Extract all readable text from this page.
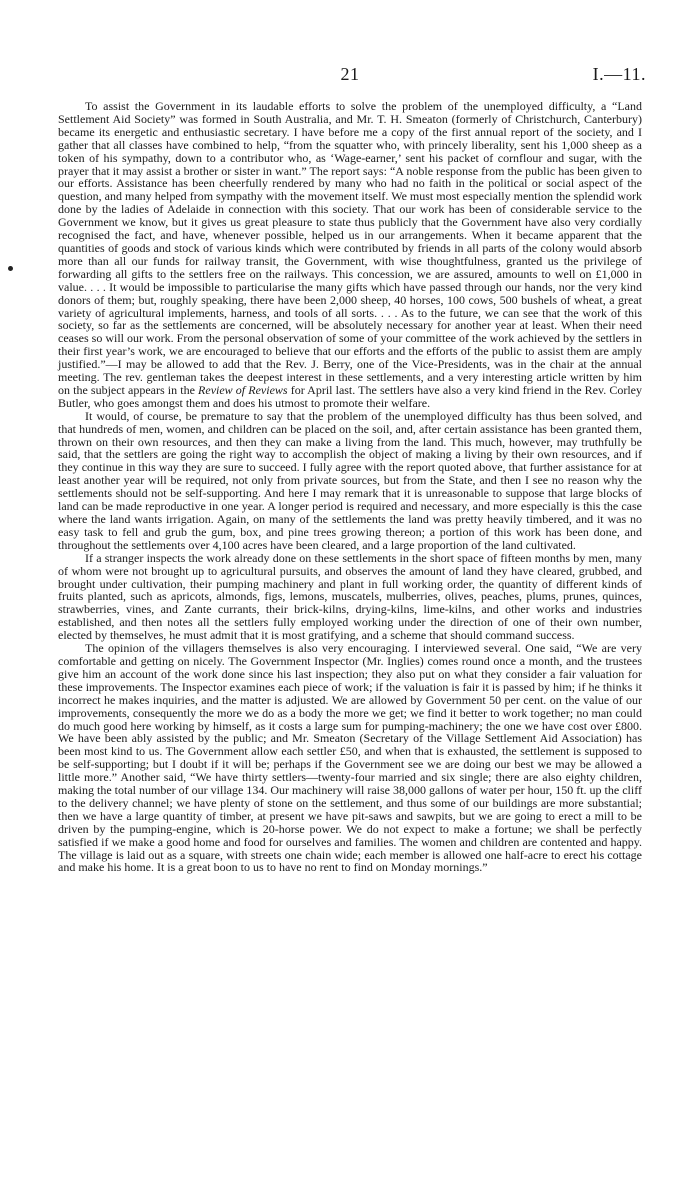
21	I.—11.

To assist the Government in its laudable efforts to solve the problem of the unemployed difficulty, a “Land Settlement Aid Society” was formed in South Australia, and Mr. T. H. Smeaton (formerly of Christchurch, Canterbury) became its energetic and enthusiastic secretary. I have before me a copy of the first annual report of the society, and I gather that all classes have combined to help, “from the squatter who, with princely liberality, sent his 1,000 sheep as a token of his sympathy, down to a contributor who, as ‘Wage-earner,’ sent his packet of cornflour and sugar, with the prayer that it may assist a brother or sister in want.” The report says: “A noble response from the public has been given to our efforts. Assistance has been cheerfully rendered by many who had no faith in the political or social aspect of the question, and many helped from sympathy with the movement itself. We must most especially mention the splendid work done by the ladies of Adelaide in connection with this society. That our work has been of considerable service to the Government we know, but it gives us great pleasure to state thus publicly that the Government have also very cordially recognised the fact, and have, whenever possible, helped us in our arrangements. When it became apparent that the quantities of goods and stock of various kinds which were contributed by friends in all parts of the colony would absorb more than all our funds for railway transit, the Government, with wise thoughtfulness, granted us the privilege of forwarding all gifts to the settlers free on the railways. This concession, we are assured, amounts to well on £1,000 in value. . . . It would be impossible to particularise the many gifts which have passed through our hands, nor the very kind donors of them; but, roughly speaking, there have been 2,000 sheep, 40 horses, 100 cows, 500 bushels of wheat, a great variety of agricultural implements, harness, and tools of all sorts. . . . As to the future, we can see that the work of this society, so far as the settlements are concerned, will be absolutely necessary for another year at least. When their need ceases so will our work. From the personal observation of some of your committee of the work achieved by the settlers in their first year’s work, we are encouraged to believe that our efforts and the efforts of the public to assist them are amply justified.”—I may be allowed to add that the Rev. J. Berry, one of the Vice-Presidents, was in the chair at the annual meeting. The rev. gentleman takes the deepest interest in these settlements, and a very interesting article written by him on the subject appears in the Review of Reviews for April last. The settlers have also a very kind friend in the Rev. Corley Butler, who goes amongst them and does his utmost to promote their welfare.

It would, of course, be premature to say that the problem of the unemployed difficulty has thus been solved, and that hundreds of men, women, and children can be placed on the soil, and, after certain assistance has been granted them, thrown on their own resources, and then they can make a living from the land. This much, however, may truthfully be said, that the settlers are going the right way to accomplish the object of making a living by their own resources, and if they continue in this way they are sure to succeed. I fully agree with the report quoted above, that further assistance for at least another year will be required, not only from private sources, but from the State, and then I see no reason why the settlements should not be self-supporting. And here I may remark that it is unreasonable to suppose that large blocks of land can be made reproductive in one year. A longer period is required and necessary, and more especially is this the case where the land wants irrigation. Again, on many of the settlements the land was pretty heavily timbered, and it was no easy task to fell and grub the gum, box, and pine trees growing thereon; a portion of this work has been done, and throughout the settlements over 4,100 acres have been cleared, and a large proportion of the land cultivated.

If a stranger inspects the work already done on these settlements in the short space of fifteen months by men, many of whom were not brought up to agricultural pursuits, and observes the amount of land they have cleared, grubbed, and brought under cultivation, their pumping machinery and plant in full working order, the quantity of different kinds of fruits planted, such as apricots, almonds, figs, lemons, muscatels, mulberries, olives, peaches, plums, prunes, quinces, strawberries, vines, and Zante currants, their brick-kilns, drying-kilns, lime-kilns, and other works and industries established, and then notes all the settlers fully employed working under the direction of one of their own number, elected by themselves, he must admit that it is most gratifying, and a scheme that should command success.

The opinion of the villagers themselves is also very encouraging. I interviewed several. One said, “We are very comfortable and getting on nicely. The Government Inspector (Mr. Inglies) comes round once a month, and the trustees give him an account of the work done since his last inspection; they also put on what they consider a fair valuation for these improvements. The Inspector examines each piece of work; if the valuation is fair it is passed by him; if he thinks it incorrect he makes inquiries, and the matter is adjusted. We are allowed by Government 50 per cent. on the value of our improvements, consequently the more we do as a body the more we get; we find it better to work together; no man could do much good here working by himself, as it costs a large sum for pumping-machinery; the one we have cost over £800. We have been ably assisted by the public; and Mr. Smeaton (Secretary of the Village Settlement Aid Association) has been most kind to us. The Government allow each settler £50, and when that is exhausted, the settlement is supposed to be self-supporting; but I doubt if it will be; perhaps if the Government see we are doing our best we may be allowed a little more.” Another said, “We have thirty settlers—twenty-four married and six single; there are also eighty children, making the total number of our village 134. Our machinery will raise 38,000 gallons of water per hour, 150 ft. up the cliff to the delivery channel; we have plenty of stone on the settlement, and thus some of our buildings are more substantial; then we have a large quantity of timber, at present we have pit-saws and sawpits, but we are going to erect a mill to be driven by the pumping-engine, which is 20-horse power. We do not expect to make a fortune; we shall be perfectly satisfied if we make a good home and food for ourselves and families. The women and children are contented and happy. The village is laid out as a square, with streets one chain wide; each member is allowed one half-acre to erect his cottage and make his home. It is a great boon to us to have no rent to find on Monday mornings.”
